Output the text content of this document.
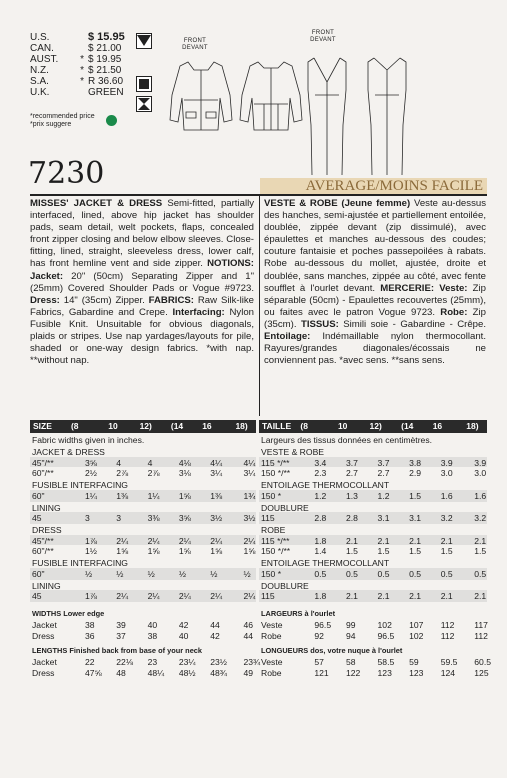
U.S.	$ 15.95
CAN.	$ 21.00
AUST. * $ 19.95
N.Z.	* $ 21.50
S.A.	* R 36.60
U.K.	GREEN
*recommended price
*prix suggere
FRONT
DEVANT
FRONT
DEVANT
7230	AVERAGE/MOINS FACILE
MISSES' JACKET & DRESS Semi-fitted, partially interfaced, lined, above hip jacket has shoulder pads, seam detail, welt pockets, flaps, concealed front zipper closing and below elbow sleeves. Close-fitting, lined, straight, sleeveless dress, lower calf, has front hemline vent and side zipper. NOTIONS: Jacket: 20" (50cm) Separating Zipper and 1" (25mm) Covered Shoulder Pads or Vogue #9723. Dress: 14" (35cm) Zipper. FABRICS: Raw Silk-like Fabrics, Gabardine and Crepe. Interfacing: Nylon Fusible Knit. Unsuitable for obvious diagonals, plaids or stripes. Use nap yardages/layouts for pile, shaded or one-way design fabrics. *with nap. **without nap.
VESTE & ROBE (Jeune femme) Veste au-dessus des hanches, semi-ajustée et partiellement entoilée, doublée, zippée devant (zip dissimulé), avec épaulettes et manches au-dessous des coudes; couture fantaisie et poches passepoilées à rabats. Robe au-dessous du mollet, ajustée, droite et doublée, sans manches, zippée au côté, avec fente soufflet à l'ourlet devant. MERCERIE: Veste: Zip séparable (50cm) - Epaulettes recouvertes (25mm), ou faites avec le patron Vogue 9723. Robe: Zip (35cm). TISSUS: Simili soie - Gabardine - Crêpe. Entoilage: Indémaillable nylon thermocollant. Rayures/grandes diagonales/écossais ne conviennent pas. *avec sens. **sans sens.
SIZE (8	10	12) (14 16	18)
Fabric widths given in inches.
JACKET & DRESS
45"/**	3⅝ 4	4	4⅛ 4¼ 4¼
60"/**	2½ 2⅞ 2⅞ 3⅛ 3¼ 3¼
FUSIBLE INTERFACING
60"	1¼ 1⅜ 1¼ 1⅝ 1⅜ 1¾
LINING
45	3	3	3⅜ 3⅝ 3½ 3½
DRESS
45"/**	1⅞ 2¼ 2¼ 2¼ 2¼ 2¼
60"/**	1½ 1⅝ 1⅝ 1⅝ 1⅝ 1⅝
FUSIBLE INTERFACING
60"	½	½	½	½	½	½
LINING
45	1⅞ 2¼ 2¼ 2¼ 2¼ 2¼
WIDTHS Lower edge
Jacket	38	39	40	42	44	46
Dress	36	37	38	40	42	44
LENGTHS Finished back from base of your neck
Jacket	22	22⅛ 23	23¼ 23½ 23¾
Dress	47⅝ 48	48¼ 48½ 48¾ 49
TAILLE (8	10	12) (14 16	18)
Largeurs des tissus données en centimètres.
VESTE & ROBE
115 */**	3.4 3.7 3.7 3.8 3.9	3.9
150 */**	2.3 2.7 2.7 2.9 3.0	3.0
ENTOILAGE THERMOCOLLANT
150 *	1.2 1.3 1.2 1.5 1.6	1.6
DOUBLURE
115	2.8 2.8 3.1 3.1 3.2	3.2
ROBE
115 */**	1.8 2.1 2.1 2.1 2.1	2.1
150 */**	1.4 1.5 1.5 1.5 1.5	1.5
ENTOILAGE THERMOCOLLANT
150 *	0.5 0.5 0.5 0.5 0.5	0.5
DOUBLURE
115	1.8 2.1 2.1 2.1 2.1	2.1
LARGEURS à l'ourlet
Veste	96.5 99	102 107 112 117
Robe	92	94	96.5 102 112 112
LONGUEURS dos, votre nuque à l'ourlet
Veste	57	58	58.5 59	59.5 60.5
Robe	121 122 123 123 124 125
